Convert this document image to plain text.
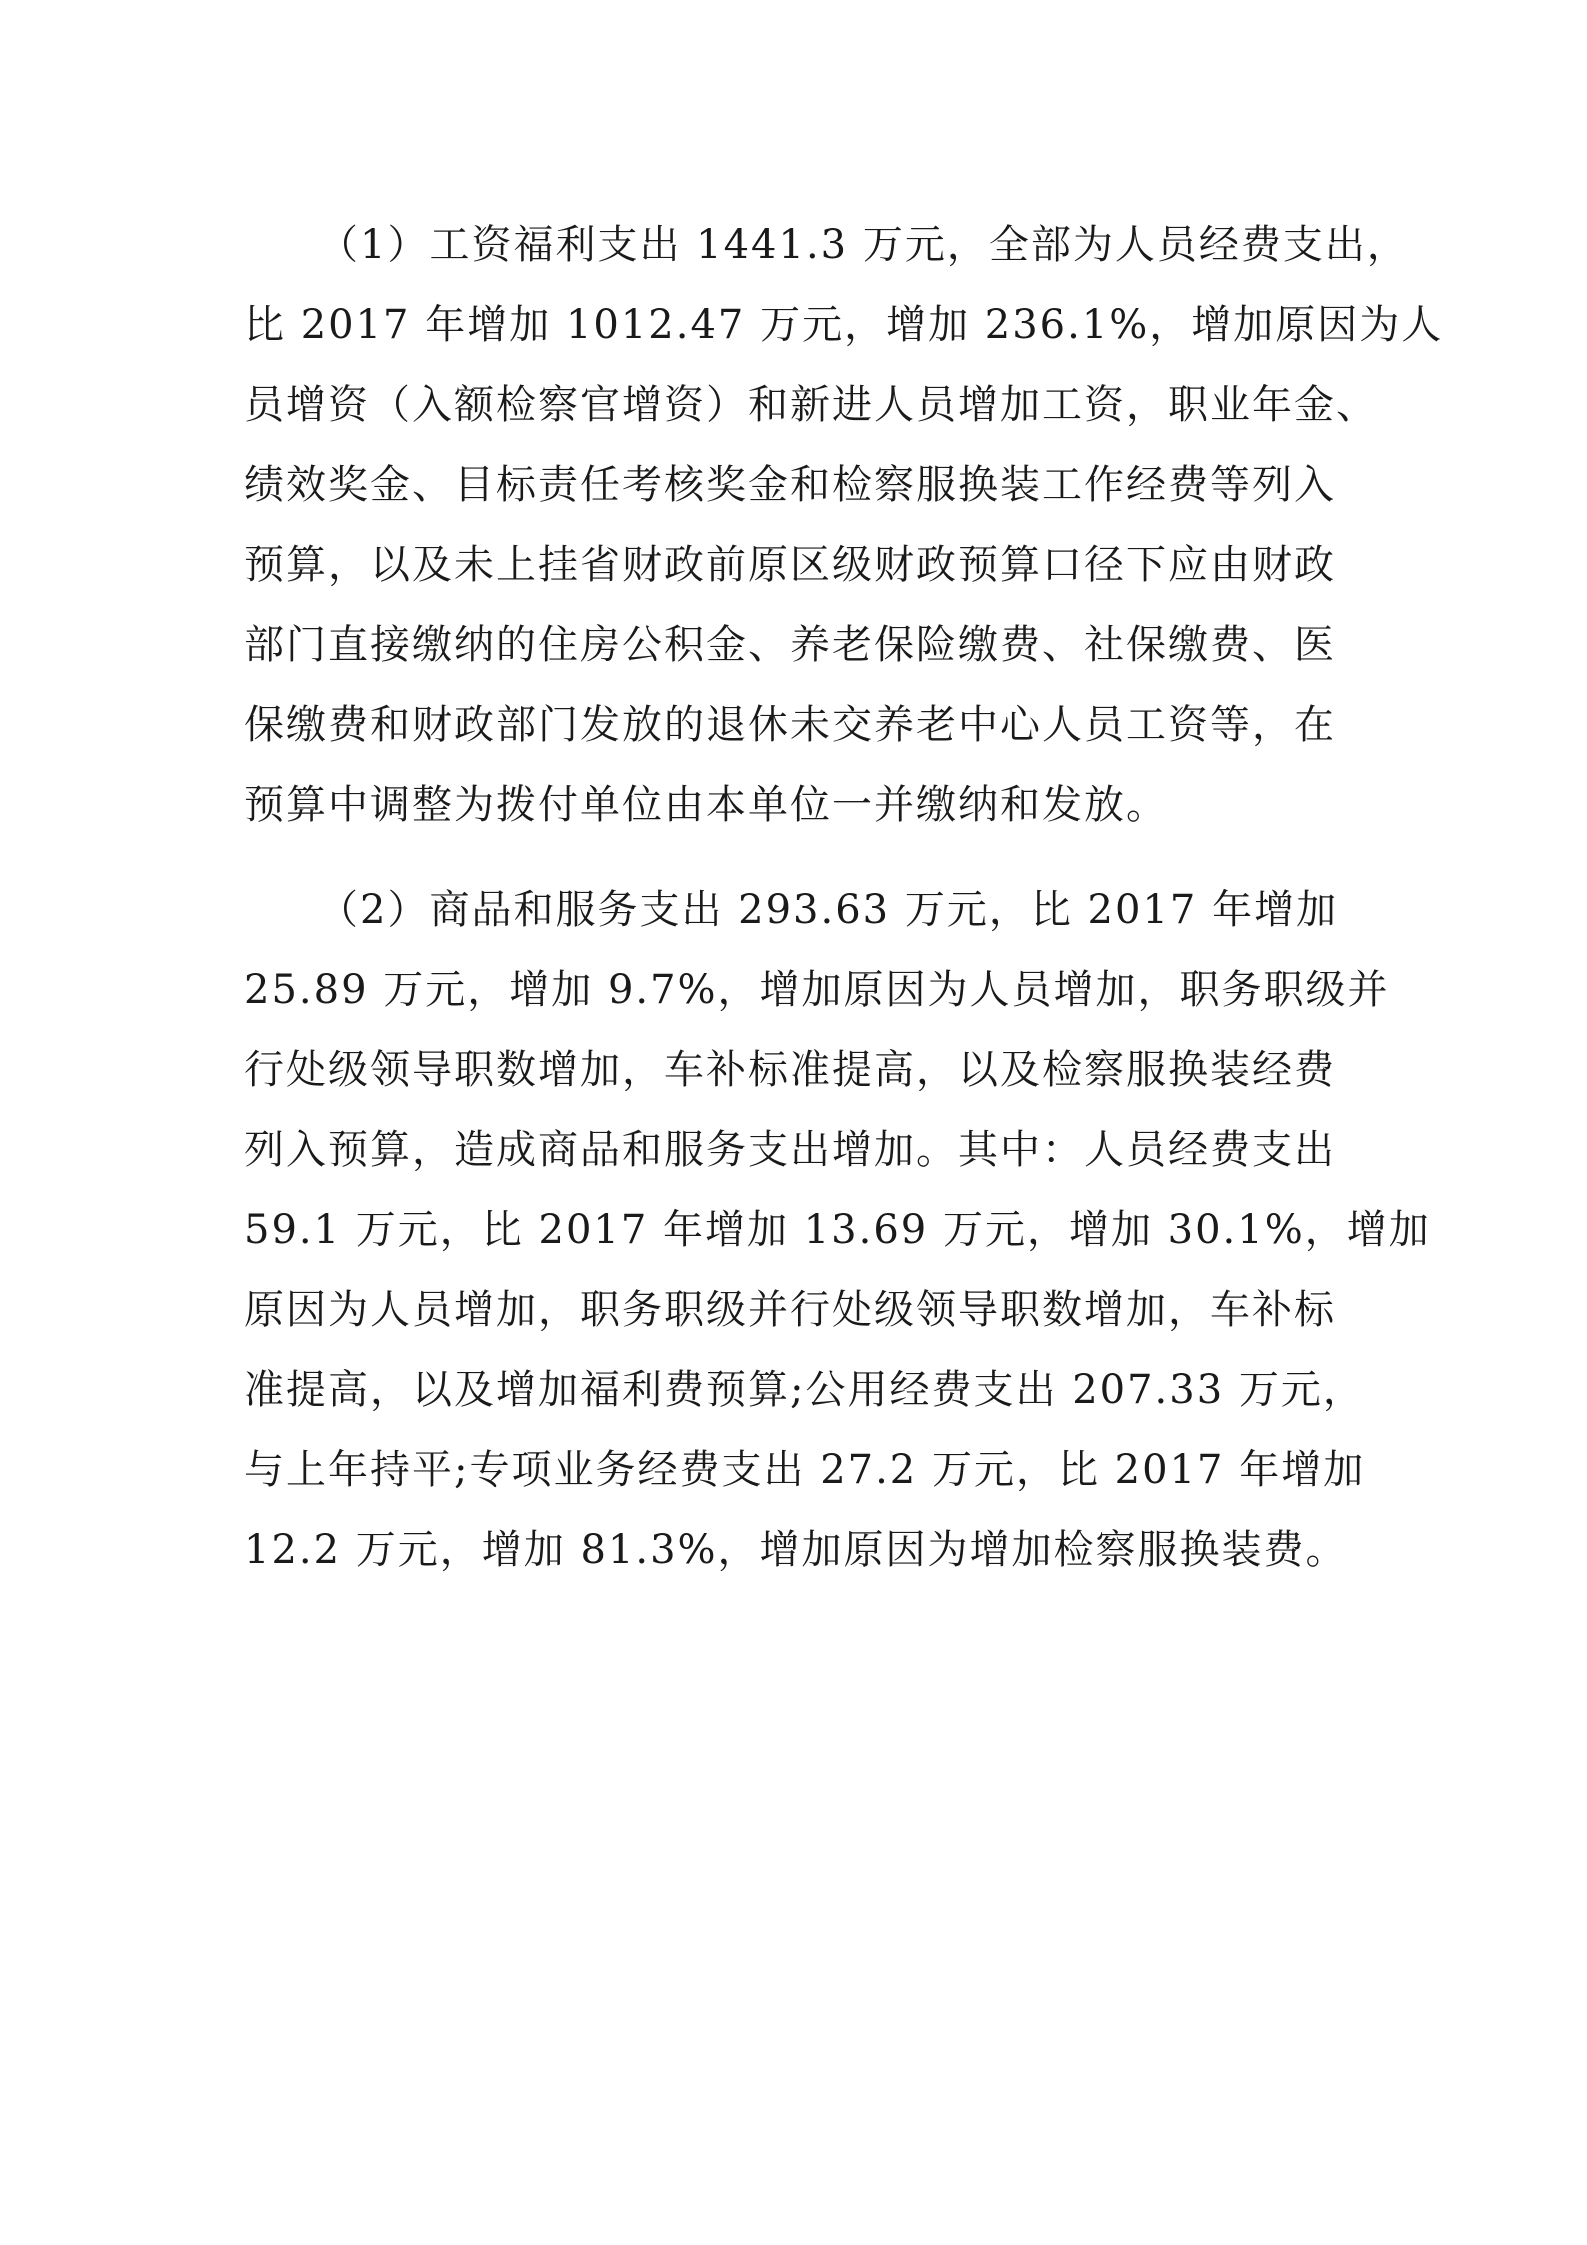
（1）工资福利支出 1441.3 万元，全部为人员经费支出，
比 2017 年增加 1012.47 万元，增加 236.1%，增加原因为人
员增资（入额检察官增资）和新进人员增加工资，职业年金、
绩效奖金、目标责任考核奖金和检察服换装工作经费等列入
预算，以及未上挂省财政前原区级财政预算口径下应由财政
部门直接缴纳的住房公积金、养老保险缴费、社保缴费、医
保缴费和财政部门发放的退休未交养老中心人员工资等，在
预算中调整为拨付单位由本单位一并缴纳和发放。
（2）商品和服务支出 293.63 万元，比 2017 年增加
25.89 万元，增加 9.7%，增加原因为人员增加，职务职级并
行处级领导职数增加，车补标准提高，以及检察服换装经费
列入预算，造成商品和服务支出增加。其中：人员经费支出
59.1 万元，比 2017 年增加 13.69 万元，增加 30.1%，增加
原因为人员增加，职务职级并行处级领导职数增加，车补标
准提高，以及增加福利费预算;公用经费支出 207.33 万元，
与上年持平;专项业务经费支出 27.2 万元，比 2017 年增加
12.2 万元，增加 81.3%，增加原因为增加检察服换装费。
